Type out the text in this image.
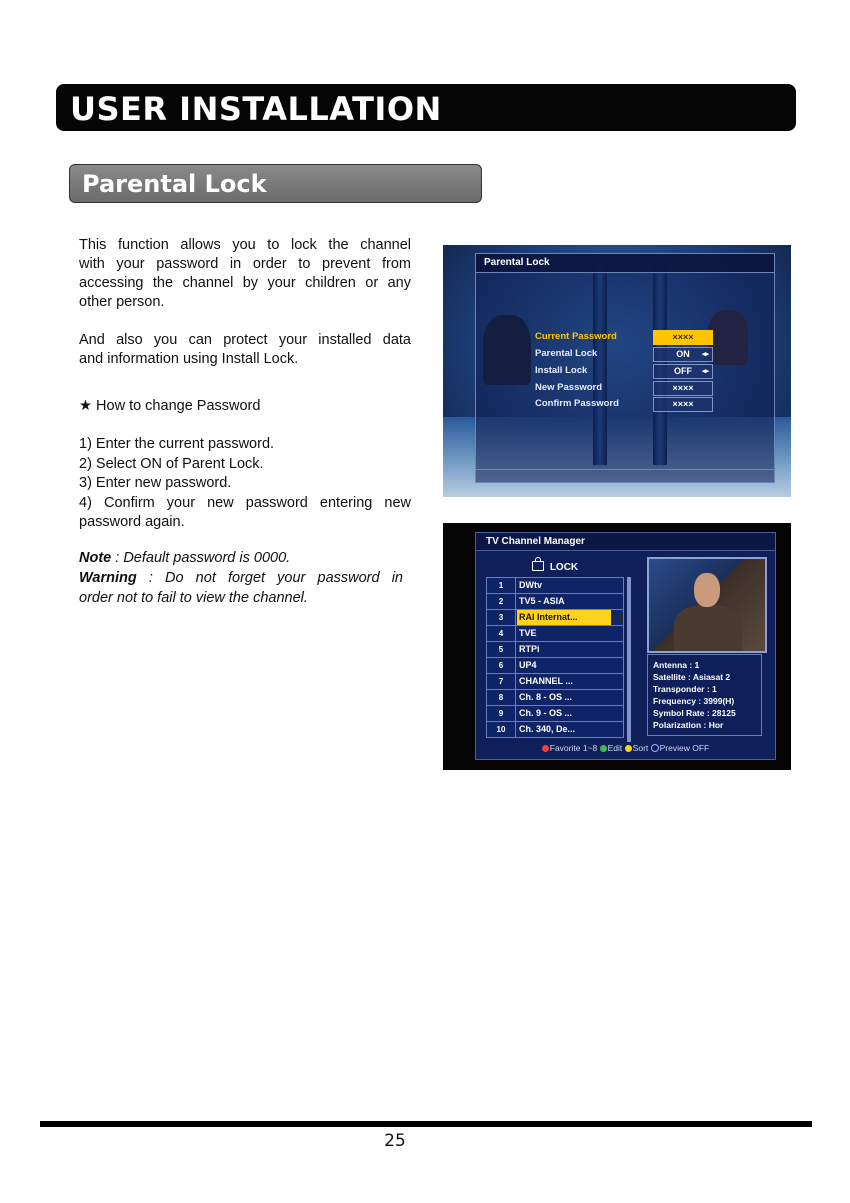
USER INSTALLATION
Parental Lock
This function allows you to lock the channel
with your password in order to prevent from
accessing the channel by your children or any
other person.
And also you can protect your installed data
and information using Install Lock.
★ How to change Password
1) Enter the current password.
2) Select ON of Parent Lock.
3) Enter new password.
4) Confirm your new password entering new
password again.
Note : Default password is 0000.
Warning : Do not forget your password in
order not to fail to view the channel.
Parental Lock
Current Password	××××
Parental Lock	ON ◂▸
Install Lock	OFF ◂▸
New Password	××××
Confirm Password	××××
TV Channel Manager
LOCK
1	DWtv
2	TV5 - ASIA
3	RAI Internat...
4	TVE
5	RTPi
6	UP4
7	CHANNEL ...
8	Ch. 8 - OS ...
9	Ch. 9 - OS ...
10	Ch. 340, De...
Antenna : 1
Satellite : Asiasat 2
Transponder : 1
Frequency : 3999(H)
Symbol Rate : 28125
Polarization : Hor
Favorite 1~8 Edit Sort Preview OFF
25
